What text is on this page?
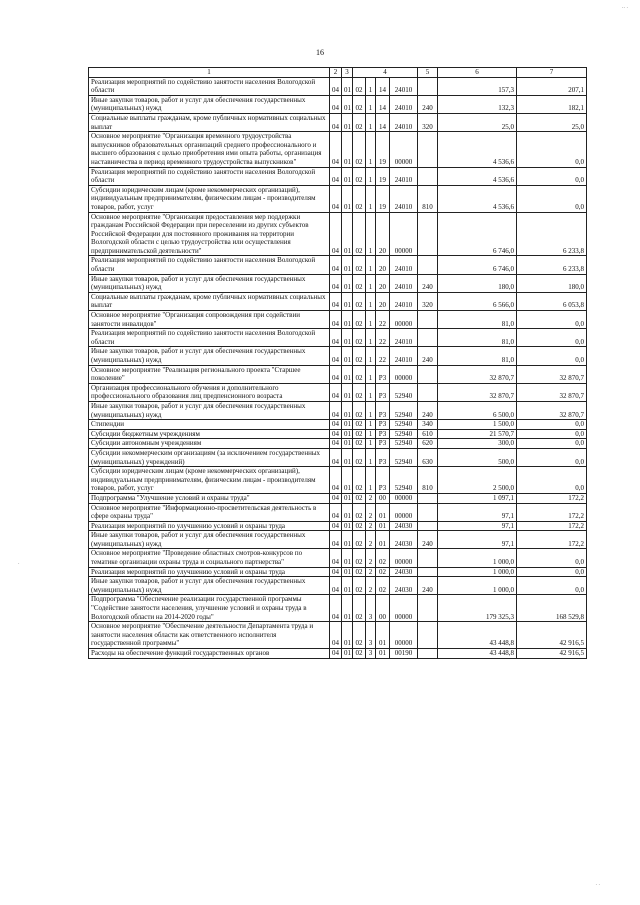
.. .
.
. .
16
1	2	3	4				5	6	7
Реализация мероприятий по содействию занятости населения Вологодской области	04	01	02	1	14	24010		157,3	207,1
Иные закупки товаров, работ и услуг для обеспечения государственных (муниципальных) нужд	04	01	02	1	14	24010	240	132,3	182,1
Социальные выплаты гражданам, кроме публичных нормативных социальных выплат	04	01	02	1	14	24010	320	25,0	25,0
Основное мероприятие "Организация временного трудоустройства выпускников образовательных организаций среднего профессионального и высшего образования с целью приобретения ими опыта работы, организация наставничества в период временного трудоустройства выпускников"	04	01	02	1	19	00000		4 536,6	0,0
Реализация мероприятий по содействию занятости населения Вологодской области	04	01	02	1	19	24010		4 536,6	0,0
Субсидии юридическим лицам (кроме некоммерческих организаций), индивидуальным предпринимателям, физическим лицам - производителям товаров, работ, услуг	04	01	02	1	19	24010	810	4 536,6	0,0
Основное мероприятие "Организация предоставления мер поддержки гражданам Российской Федерации при переселении из других субъектов Российской Федерации для постоянного проживания на территории Вологодской области с целью трудоустройства или осуществления предпринимательской деятельности"	04	01	02	1	20	00000		6 746,0	6 233,8
Реализация мероприятий по содействию занятости населения Вологодской области	04	01	02	1	20	24010		6 746,0	6 233,8
Иные закупки товаров, работ и услуг для обеспечения государственных (муниципальных) нужд	04	01	02	1	20	24010	240	180,0	180,0
Социальные выплаты гражданам, кроме публичных нормативных социальных выплат	04	01	02	1	20	24010	320	6 566,0	6 053,8
Основное мероприятие "Организация сопровождения при содействии занятости инвалидов"	04	01	02	1	22	00000		81,0	0,0
Реализация мероприятий по содействию занятости населения Вологодской области	04	01	02	1	22	24010		81,0	0,0
Иные закупки товаров, работ и услуг для обеспечения государственных (муниципальных) нужд	04	01	02	1	22	24010	240	81,0	0,0
Основное мероприятие "Реализация регионального проекта "Старшее поколение"	04	01	02	1	P3	00000		32 870,7	32 870,7
Организация профессионального обучения и дополнительного профессионального образования лиц предпенсионного возраста	04	01	02	1	P3	52940		32 870,7	32 870,7
Иные закупки товаров, работ и услуг для обеспечения государственных (муниципальных) нужд	04	01	02	1	P3	52940	240	6 500,0	32 870,7
Стипендии	04	01	02	1	P3	52940	340	1 500,0	0,0
Субсидии бюджетным учреждениям	04	01	02	1	P3	52940	610	21 570,7	0,0
Субсидии автономным учреждениям	04	01	02	1	P3	52940	620	300,0	0,0
Субсидии некоммерческим организациям (за исключением государственных (муниципальных) учреждений)	04	01	02	1	P3	52940	630	500,0	0,0
Субсидии юридическим лицам (кроме некоммерческих организаций), индивидуальным предпринимателям, физическим лицам - производителям товаров, работ, услуг	04	01	02	1	P3	52940	810	2 500,0	0,0
Подпрограмма "Улучшение условий и охраны труда"	04	01	02	2	00	00000		1 097,1	172,2
Основное мероприятие "Информационно-просветительская деятельность в сфере охраны труда"	04	01	02	2	01	00000		97,1	172,2
Реализация мероприятий по улучшению условий и охраны труда	04	01	02	2	01	24030		97,1	172,2
Иные закупки товаров, работ и услуг для обеспечения государственных (муниципальных) нужд	04	01	02	2	01	24030	240	97,1	172,2
Основное мероприятие "Проведение областных смотров-конкурсов по тематике организации охраны труда и социального партнерства"	04	01	02	2	02	00000		1 000,0	0,0
Реализация мероприятий по улучшению условий и охраны труда	04	01	02	2	02	24030		1 000,0	0,0
Иные закупки товаров, работ и услуг для обеспечения государственных (муниципальных) нужд	04	01	02	2	02	24030	240	1 000,0	0,0
Подпрограмма "Обеспечение реализации государственной программы "Содействие занятости населения, улучшение условий и охраны труда в Вологодской области на 2014-2020 годы"	04	01	02	3	00	00000		179 325,3	168 529,8
Основное мероприятие "Обеспечение деятельности Департамента труда и занятости населения области как ответственного исполнителя государственной программы"	04	01	02	3	01	00000		43 448,8	42 916,5
Расходы на обеспечение функций государственных органов	04	01	02	3	01	00190		43 448,8	42 916,5
